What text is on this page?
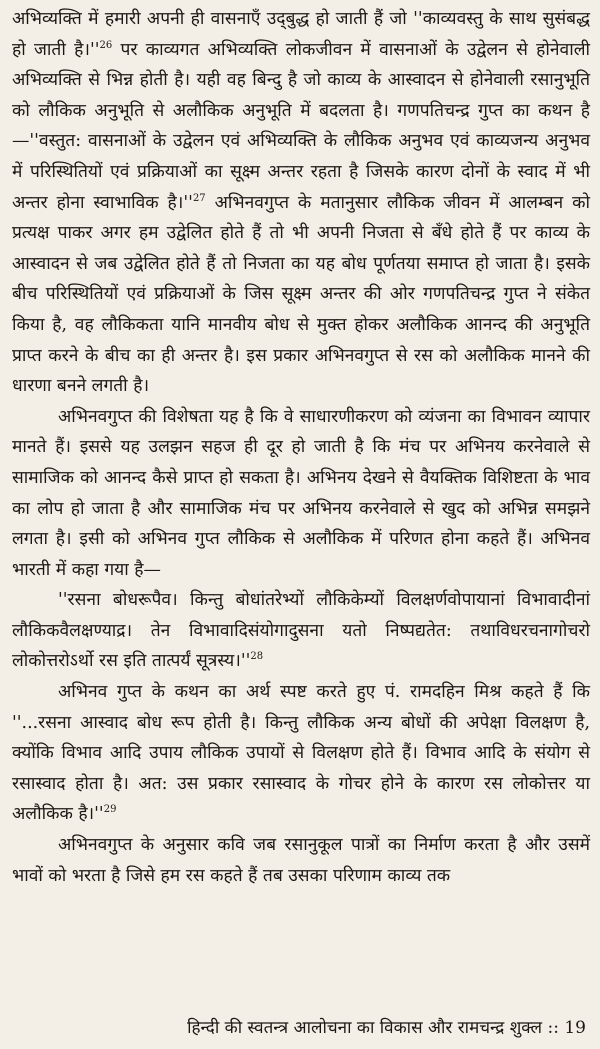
अभिव्यक्ति में हमारी अपनी ही वासनाएँ उद्‌बुद्ध हो जाती हैं जो ''काव्यवस्तु के साथ सुसंबद्ध हो जाती $है।''^{26}$ पर काव्यगत अभिव्यक्ति लोकजीवन में वासनाओं के उद्वेलन से होनेवाली अभिव्यक्ति से भिन्न होती है। यही वह बिन्दु है जो काव्य के आस्वादन से होनेवाली रसानुभूति को लौकिक अनुभूति से अलौकिक अनुभूति में बदलता है। गणपतिचन्द्र गुप्त का कथन है—''वस्तुत: वासनाओं के उद्वेलन एवं अभिव्यक्ति के लौकिक अनुभव एवं काव्यजन्य अनुभव में परिस्थितियों एवं प्रक्रियाओं का सूक्ष्म अन्तर रहता है जिसके कारण दोनों के स्वाद में भी अन्तर होना स्वाभाविक $है।''^{27}$ अभिनवगुप्त के मतानुसार लौकिक जीवन में आलम्बन को प्रत्यक्ष पाकर अगर हम उद्वेलित होते हैं तो भी अपनी निजता से बँधे होते हैं पर काव्य के आस्वादन से जब उद्वेलित होते हैं तो निजता का यह बोध पूर्णतया समाप्त हो जाता है। इसके बीच परिस्थितियों एवं प्रक्रियाओं के जिस सूक्ष्म अन्तर की ओर गणपतिचन्द्र गुप्त ने संकेत किया है, वह लौकिकता यानि मानवीय बोध से मुक्त होकर अलौकिक आनन्द की अनुभूति प्राप्त करने के बीच का ही अन्तर है। इस प्रकार अभिनवगुप्त से रस को अलौकिक मानने की धारणा बनने लगती है।

अभिनवगुप्त की विशेषता यह है कि वे साधारणीकरण को व्यंजना का विभावन व्यापार मानते हैं। इससे यह उलझन सहज ही दूर हो जाती है कि मंच पर अभिनय करनेवाले से सामाजिक को आनन्द कैसे प्राप्त हो सकता है। अभिनय देखने से वैयक्तिक विशिष्टता के भाव का लोप हो जाता है और सामाजिक मंच पर अभिनय करनेवाले से खुद को अभिन्न समझने लगता है। इसी को अभिनव गुप्त लौकिक से अलौकिक में परिणत होना कहते हैं। अभिनव भारती में कहा गया है—

''रसना बोधरूपैव। किन्तु बोधांतरेभ्यों लौकिकेम्यों विलक्षर्णवोपायानां विभावादीनां लौकिकवैलक्षण्याद्र। तेन विभावादिसंयोगादुसना यतो निष्पद्यतेत: तथाविधरचनागोचरो लोकोत्तरोऽर्थो रस इति तात्पर्यं $सूत्रस्य।''^{28}$

अभिनव गुप्त के कथन का अर्थ स्पष्ट करते हुए पं. रामदहिन मिश्र कहते हैं कि ''...रसना आस्वाद बोध रूप होती है। किन्तु लौकिक अन्य बोधों की अपेक्षा विलक्षण है, क्योंकि विभाव आदि उपाय लौकिक उपायों से विलक्षण होते हैं। विभाव आदि के संयोग से रसास्वाद होता है। अत: उस प्रकार रसास्वाद के गोचर होने के कारण रस लोकोत्तर या अलौकिक $है।''^{29}$

अभिनवगुप्त के अनुसार कवि जब रसानुकूल पात्रों का निर्माण करता है और उसमें भावों को भरता है जिसे हम रस कहते हैं तब उसका परिणाम काव्य तक

हिन्दी की स्वतन्त्र आलोचना का विकास और रामचन्द्र शुक्ल :: 19
